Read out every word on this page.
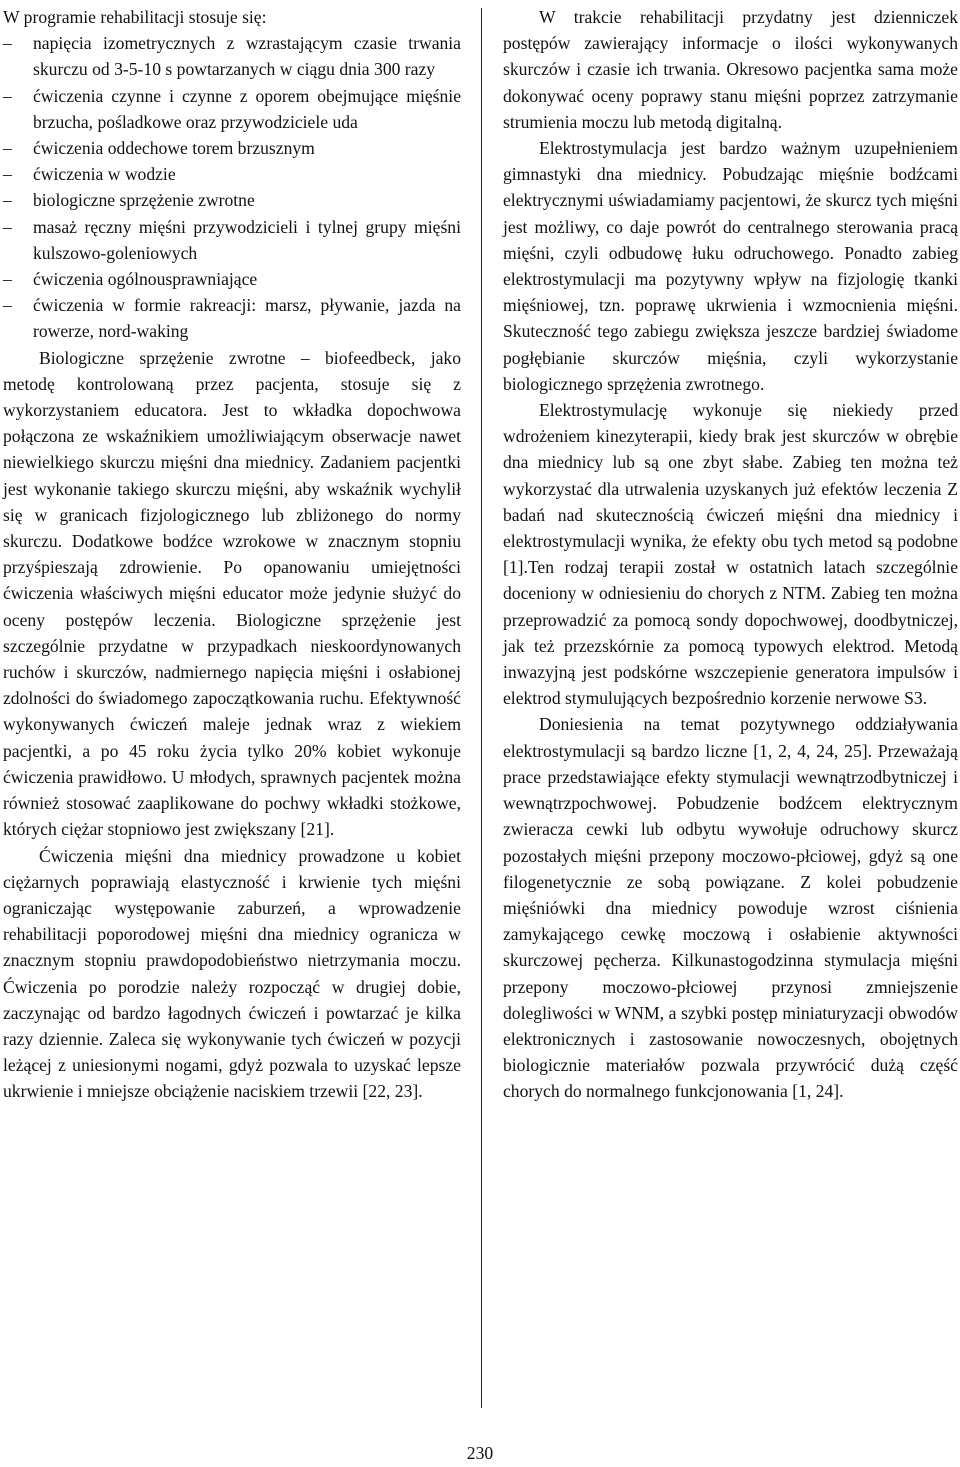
W programie rehabilitacji stosuje się:
– napięcia izometrycznych z wzrastającym czasie trwania skurczu od 3-5-10 s powtarzanych w ciągu dnia 300 razy
– ćwiczenia czynne i czynne z oporem obejmujące mięśnie brzucha, pośladkowe oraz przywodziciele uda
– ćwiczenia oddechowe torem brzusznym
– ćwiczenia w wodzie
– biologiczne sprzężenie zwrotne
– masaż ręczny mięśni przywodzicieli i tylnej grupy mięśni kulszowo-goleniowych
– ćwiczenia ogólnousprawniające
– ćwiczenia w formie rakreacji: marsz, pływanie, jazda na rowerze, nord-waking

Biologiczne sprzężenie zwrotne – biofeedbeck, jako metodę kontrolowaną przez pacjenta, stosuje się z wykorzystaniem educatora. Jest to wkładka dopochwowa połączona ze wskaźnikiem umożliwiającym obserwacje nawet niewielkiego skurczu mięśni dna miednicy. Zadaniem pacjentki jest wykonanie takiego skurczu mięśni, aby wskaźnik wychylił się w granicach fizjologicznego lub zbliżonego do normy skurczu. Dodatkowe bodźce wzrokowe w znacznym stopniu przyśpieszają zdrowienie. Po opanowaniu umiejętności ćwiczenia właściwych mięśni educator może jedynie służyć do oceny postępów leczenia. Biologiczne sprzężenie jest szczególnie przydatne w przypadkach nieskoordynowanych ruchów i skurczów, nadmiernego napięcia mięśni i osłabionej zdolności do świadomego zapoczątkowania ruchu. Efektywność wykonywanych ćwiczeń maleje jednak wraz z wiekiem pacjentki, a po 45 roku życia tylko 20% kobiet wykonuje ćwiczenia prawidłowo. U młodych, sprawnych pacjentek można również stosować zaaplikowane do pochwy wkładki stożkowe, których ciężar stopniowo jest zwiększany [21].

Ćwiczenia mięśni dna miednicy prowadzone u kobiet ciężarnych poprawiają elastyczność i krwienie tych mięśni ograniczając występowanie zaburzeń, a wprowadzenie rehabilitacji poporodowej mięśni dna miednicy ogranicza w znacznym stopniu prawdopodobieństwo nietrzymania moczu. Ćwiczenia po porodzie należy rozpocząć w drugiej dobie, zaczynając od bardzo łagodnych ćwiczeń i powtarzać je kilka razy dziennie. Zaleca się wykonywanie tych ćwiczeń w pozycji leżącej z uniesionymi nogami, gdyż pozwala to uzyskać lepsze ukrwienie i mniejsze obciążenie naciskiem trzewii [22, 23].

W trakcie rehabilitacji przydatny jest dzienniczek postępów zawierający informacje o ilości wykonywanych skurczów i czasie ich trwania. Okresowo pacjentka sama może dokonywać oceny poprawy stanu mięśni poprzez zatrzymanie strumienia moczu lub metodą digitalną.

Elektrostymulacja jest bardzo ważnym uzupełnieniem gimnastyki dna miednicy. Pobudzając mięśnie bodźcami elektrycznymi uświadamiamy pacjentowi, że skurcz tych mięśni jest możliwy, co daje powrót do centralnego sterowania pracą mięśni, czyli odbudowę łuku odruchowego. Ponadto zabieg elektrostymulacji ma pozytywny wpływ na fizjologię tkanki mięśniowej, tzn. poprawę ukrwienia i wzmocnienia mięśni. Skuteczność tego zabiegu zwiększa jeszcze bardziej świadome pogłębianie skurczów mięśnia, czyli wykorzystanie biologicznego sprzężenia zwrotnego.

Elektrostymulację wykonuje się niekiedy przed wdrożeniem kinezyterapii, kiedy brak jest skurczów w obrębie dna miednicy lub są one zbyt słabe. Zabieg ten można też wykorzystać dla utrwalenia uzyskanych już efektów leczenia Z badań nad skutecznością ćwiczeń mięśni dna miednicy i elektrostymulacji wynika, że efekty obu tych metod są podobne [1].Ten rodzaj terapii został w ostatnich latach szczególnie doceniony w odniesieniu do chorych z NTM. Zabieg ten można przeprowadzić za pomocą sondy dopochwowej, doodbytniczej, jak też przezskórnie za pomocą typowych elektrod. Metodą inwazyjną jest podskórne wszczepienie generatora impulsów i elektrod stymulujących bezpośrednio korzenie nerwowe S3.

Doniesienia na temat pozytywnego oddziaływania elektrostymulacji są bardzo liczne [1, 2, 4, 24, 25]. Przeważają prace przedstawiające efekty stymulacji wewnątrzodbytniczej i wewnątrzpochwowej. Pobudzenie bodźcem elektrycznym zwieracza cewki lub odbytu wywołuje odruchowy skurcz pozostałych mięśni przepony moczowo-płciowej, gdyż są one filogenetycznie ze sobą powiązane. Z kolei pobudzenie mięśniówki dna miednicy powoduje wzrost ciśnienia zamykającego cewkę moczową i osłabienie aktywności skurczowej pęcherza. Kilkunastogodzinna stymulacja mięśni przepony moczowo-płciowej przynosi zmniejszenie dolegliwości w WNM, a szybki postęp miniaturyzacji obwodów elektronicznych i zastosowanie nowoczesnych, obojętnych biologicznie materiałów pozwala przywrócić dużą część chorych do normalnego funkcjonowania [1, 24].

230
